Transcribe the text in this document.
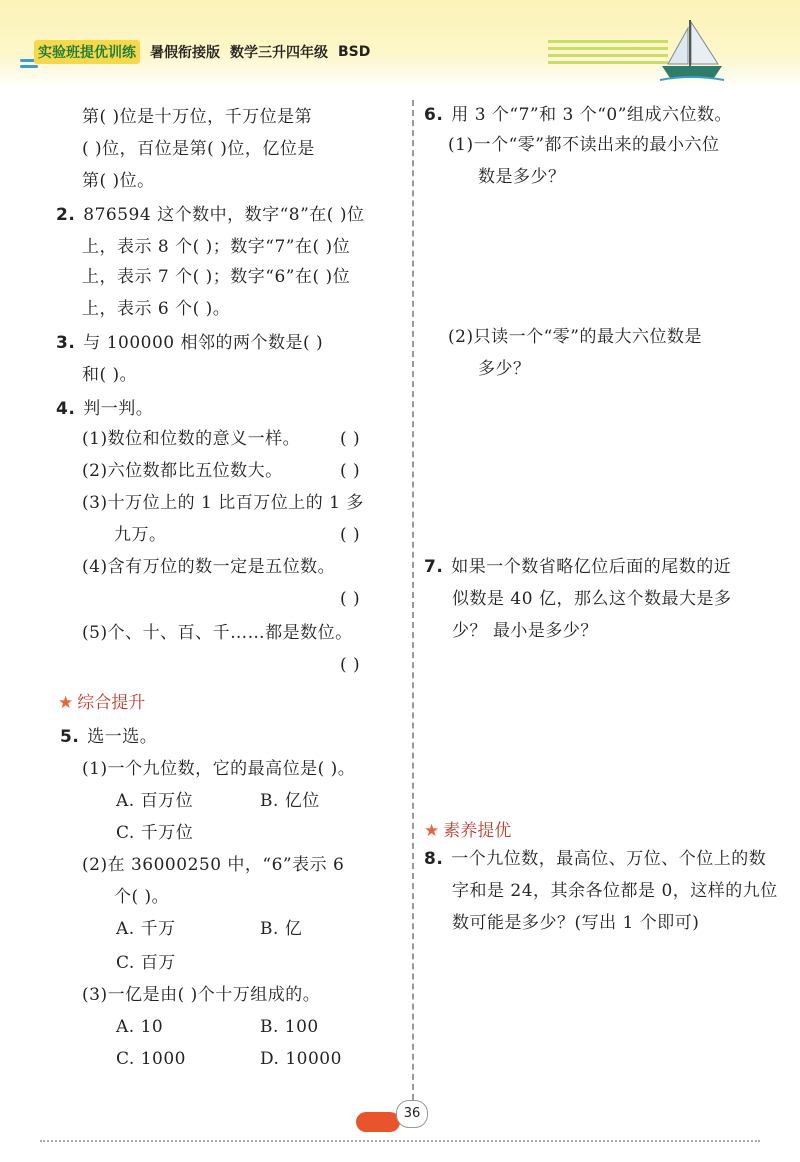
实验班提优训练 暑假衔接版 数学三升四年级 BSD
第( )位是十万位，千万位是第
( )位，百位是第( )位，亿位是
第( )位。
2. 876594 这个数中，数字“8”在( )位
上，表示 8 个( )；数字“7”在( )位
上，表示 7 个( )；数字“6”在( )位
上，表示 6 个( )。
3. 与 100000 相邻的两个数是( )
和( )。
4. 判一判。
(1)数位和位数的意义一样。 ( )
(2)六位数都比五位数大。	( )
(3)十万位上的 1 比百万位上的 1 多
九万。	( )
(4)含有万位的数一定是五位数。
( )
(5)个、十、百、千……都是数位。
( )
★ 综合提升
5. 选一选。
(1)一个九位数，它的最高位是( )。
A. 百万位	B. 亿位
C. 千万位
(2)在 36000250 中，“6”表示 6
个( )。
A. 千万	B. 亿
C. 百万
(3)一亿是由( )个十万组成的。
A. 10	B. 100
C. 1000	D. 10000
6. 用 3 个“7”和 3 个“0”组成六位数。
(1)一个“零”都不读出来的最小六位
数是多少？
(2)只读一个“零”的最大六位数是
多少？
7. 如果一个数省略亿位后面的尾数的近
似数是 40 亿，那么这个数最大是多
少？ 最小是多少？
★ 素养提优
8. 一个九位数，最高位、万位、个位上的数
字和是 24，其余各位都是 0，这样的九位
数可能是多少？(写出 1 个即可)
36
